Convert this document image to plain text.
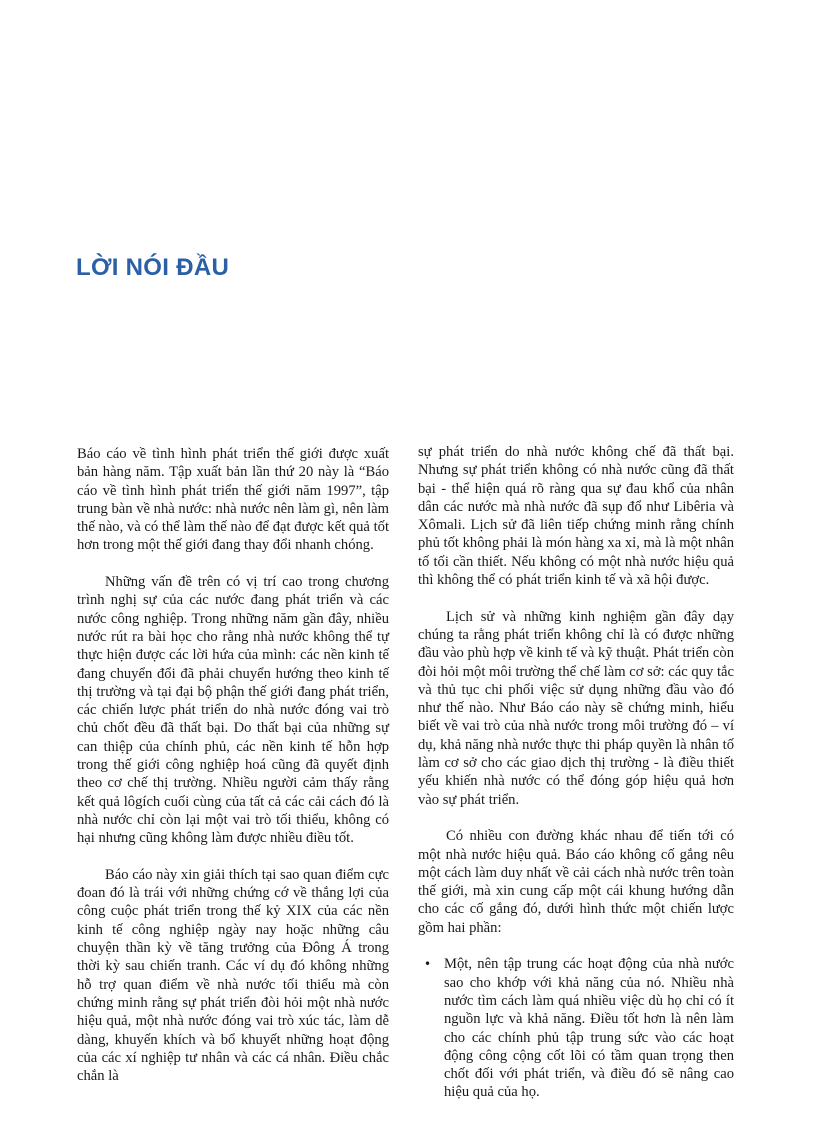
LỜI NÓI ĐẦU

Báo cáo về tình hình phát triển thế giới được xuất bản hàng năm. Tập xuất bản lần thứ 20 này là “Báo cáo về tình hình phát triển thế giới năm 1997”, tập trung bàn về nhà nước: nhà nước nên làm gì, nên làm thế nào, và có thể làm thế nào để đạt được kết quả tốt hơn trong một thế giới đang thay đổi nhanh chóng.

Những vấn đề trên có vị trí cao trong chương trình nghị sự của các nước đang phát triển và các nước công nghiệp. Trong những năm gần đây, nhiều nước rút ra bài học cho rằng nhà nước không thể tự thực hiện được các lời hứa của mình: các nền kinh tế đang chuyển đổi đã phải chuyển hướng theo kinh tế thị trường và tại đại bộ phận thế giới đang phát triển, các chiến lược phát triển do nhà nước đóng vai trò chủ chốt đều đã thất bại. Do thất bại của những sự can thiệp của chính phủ, các nền kinh tế hỗn hợp trong thế giới công nghiệp hoá cũng đã quyết định theo cơ chế thị trường. Nhiều người cảm thấy rằng kết quả lôgích cuối cùng của tất cả các cải cách đó là nhà nước chỉ còn lại một vai trò tối thiểu, không có hại nhưng cũng không làm được nhiều điều tốt.

Báo cáo này xin giải thích tại sao quan điểm cực đoan đó là trái với những chứng cớ về thắng lợi của công cuộc phát triển trong thế kỷ XIX của các nền kinh tế công nghiệp ngày nay hoặc những câu chuyện thần kỳ về tăng trưởng của Đông Á trong thời kỳ sau chiến tranh. Các ví dụ đó không những hỗ trợ quan điểm về nhà nước tối thiểu mà còn chứng minh rằng sự phát triển đòi hỏi một nhà nước hiệu quả, một nhà nước đóng vai trò xúc tác, làm dễ dàng, khuyến khích và bổ khuyết những hoạt động của các xí nghiệp tư nhân và các cá nhân. Điều chắc chắn là

sự phát triển do nhà nước không chế đã thất bại. Nhưng sự phát triển không có nhà nước cũng đã thất bại - thể hiện quá rõ ràng qua sự đau khổ của nhân dân các nước mà nhà nước đã sụp đổ như Libêria và Xômali. Lịch sử đã liên tiếp chứng minh rằng chính phủ tốt không phải là món hàng xa xỉ, mà là một nhân tố tối cần thiết. Nếu không có một nhà nước hiệu quả thì không thể có phát triển kinh tế và xã hội được.

Lịch sử và những kinh nghiệm gần đây dạy chúng ta rằng phát triển không chỉ là có được những đầu vào phù hợp về kinh tế và kỹ thuật. Phát triển còn đòi hỏi một môi trường thể chế làm cơ sở: các quy tắc và thủ tục chi phối việc sử dụng những đầu vào đó như thế nào. Như Báo cáo này sẽ chứng minh, hiểu biết về vai trò của nhà nước trong môi trường đó – ví dụ, khả năng nhà nước thực thi pháp quyền là nhân tố làm cơ sở cho các giao dịch thị trường - là điều thiết yếu khiến nhà nước có thể đóng góp hiệu quả hơn vào sự phát triển.

Có nhiều con đường khác nhau để tiến tới có một nhà nước hiệu quả. Báo cáo không cố gắng nêu một cách làm duy nhất về cải cách nhà nước trên toàn thế giới, mà xin cung cấp một cái khung hướng dẫn cho các cố gắng đó, dưới hình thức một chiến lược gồm hai phần:

• Một, nên tập trung các hoạt động của nhà nước sao cho khớp với khả năng của nó. Nhiều nhà nước tìm cách làm quá nhiều việc dù họ chỉ có ít nguồn lực và khả năng. Điều tốt hơn là nên làm cho các chính phủ tập trung sức vào các hoạt động công cộng cốt lõi có tầm quan trọng then chốt đối với phát triển, và điều đó sẽ nâng cao hiệu quả của họ.
